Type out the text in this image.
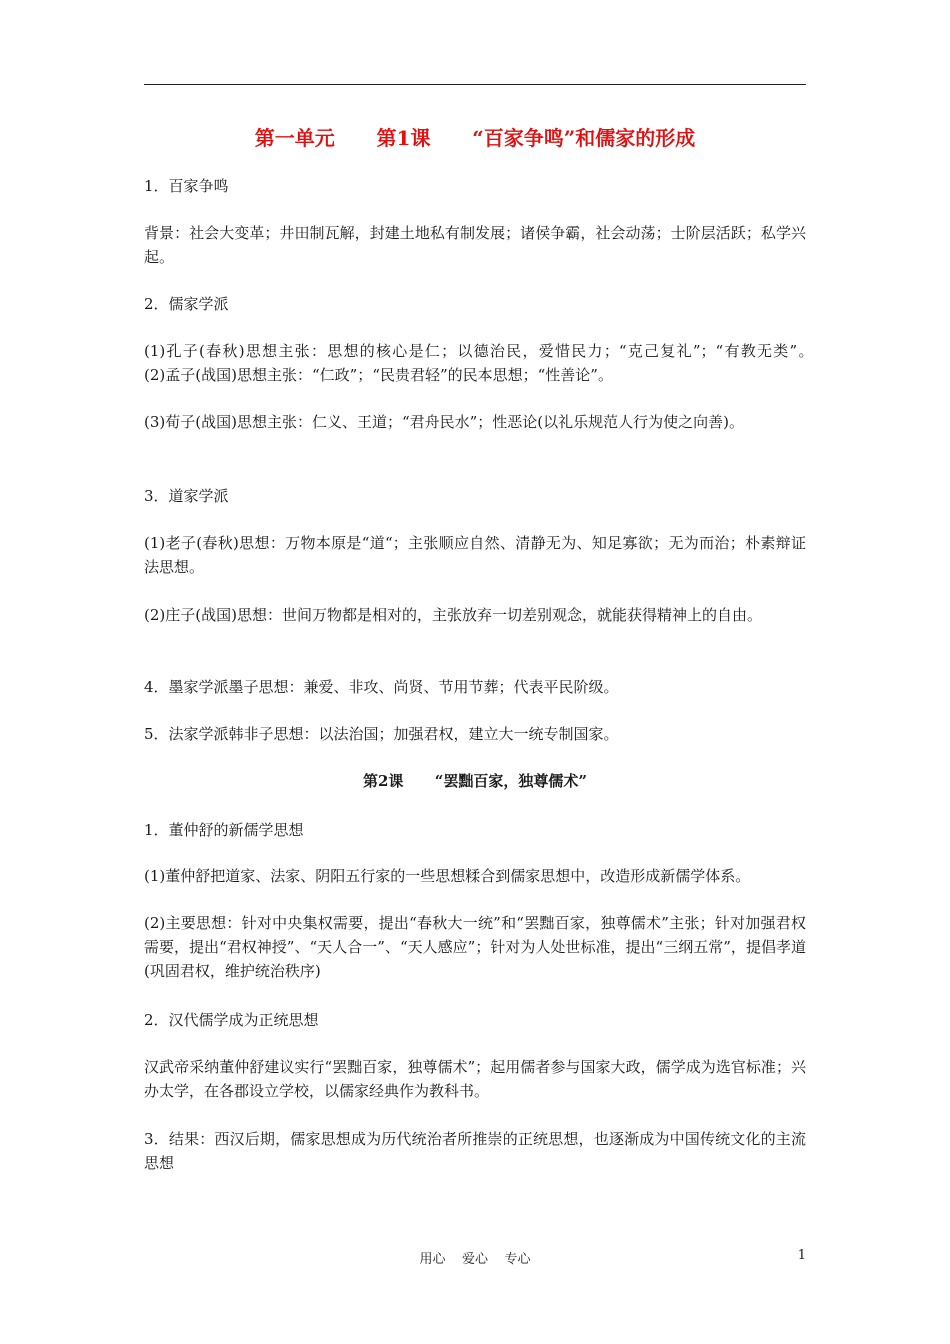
第一单元      第1课      “百家争鸣”和儒家的形成
1．百家争鸣
背景：社会大变革；井田制瓦解，封建土地私有制发展；诸侯争霸，社会动荡；士阶层活跃；私学兴起。
2．儒家学派
(1)孔子(春秋)思想主张：思想的核心是仁；以德治民，爱惜民力；“克己复礼”；“有教无类”。　　(2)孟子(战国)思想主张：“仁政”；“民贵君轻”的民本思想；“性善论”。
(3)荀子(战国)思想主张：仁义、王道；“君舟民水”；性恶论(以礼乐规范人行为使之向善)。
3．道家学派
(1)老子(春秋)思想：万物本原是“道“；主张顺应自然、清静无为、知足寡欲；无为而治；朴素辩证法思想。
(2)庄子(战国)思想：世间万物都是相对的，主张放弃一切差别观念，就能获得精神上的自由。
4．墨家学派墨子思想：兼爱、非攻、尚贤、节用节葬；代表平民阶级。
5．法家学派韩非子思想：以法治国；加强君权，建立大一统专制国家。
第2课      “罢黜百家，独尊儒术”
1．董仲舒的新儒学思想
(1)董仲舒把道家、法家、阴阳五行家的一些思想糅合到儒家思想中，改造形成新儒学体系。
(2)主要思想：针对中央集权需要，提出“春秋大一统”和“罢黜百家，独尊儒术”主张；针对加强君权需要，提出“君权神授”、“天人合一”、“天人感应”；针对为人处世标准，提出“三纲五常”，提倡孝道(巩固君权，维护统治秩序)
2．汉代儒学成为正统思想
汉武帝采纳董仲舒建议实行“罢黜百家，独尊儒术”；起用儒者参与国家大政，儒学成为选官标准；兴办太学，在各郡设立学校，以儒家经典作为教科书。
3．结果：西汉后期，儒家思想成为历代统治者所推崇的正统思想，也逐渐成为中国传统文化的主流思想
用心    爱心    专心	1
